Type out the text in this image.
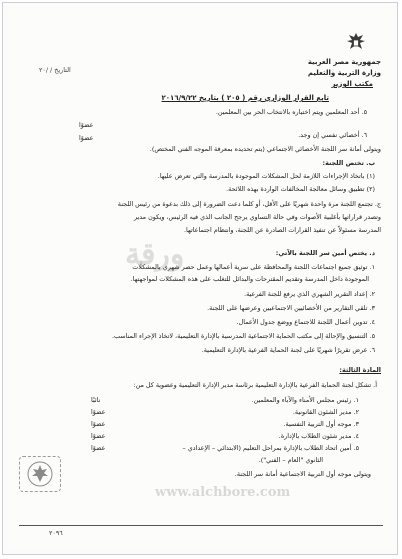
جمهورية مصر العربية
وزارة التربية والتعليم
مكتب الوزير
التاريخ / /٢٠
تابع القرار الوزاري رقم ( ٢٠٥ ) بتاريخ ٢٠١٦/٩/٢٢
٥. أحد المعلمين ويتم اختياره بالانتخاب الحر بين المعلمين.
عضوًا
٦. أخصائي نفسي إن وجد.
عضوًا
ويتولى أمانة سر اللجنة الأخصائي الاجتماعي (يتم تحديده بمعرفة الموجه الفني المختص).
ب. تختص اللجنة:
(١) باتخاذ الإجراءات اللازمة لحل المشكلات الموجودة بالمدرسة والتي تعرض عليها.
(٢) تطبيق وسائل معالجة المخالفات الواردة بهذه اللائحة.
ج. تجتمع اللجنة مرة واحدة شهريًا على الأقل، أو كلما دعت الضرورة إلى ذلك بدعوة من رئيس اللجنة
وتصدر قراراتها بأغلبية الأصوات وفي حالة التساوي يرجح الجانب الذي فيه الرئيس، ويكون مدير
المدرسة مسئولاً عن تنفيذ القرارات الصادرة عن اللجنة، وانتظام اجتماعاتها.
ورقة	د. يختص أمين سر اللجنة بالآتي:
١. توثيق جميع اجتماعات اللجنة والمحافظة على سرية أعمالها وعمل حصر شهري بالمشكلات
الموجودة داخل المدرسة وتقديم المقترحات والبدائل للتغلب على هذه المشكلات لمواجهتها.
٢. إعداد التقرير الشهري الذي يرفع للجنة الفرعية.
٣. تلقي التقارير من الأخصائيين الاجتماعيين وعرضها على اللجنة.
٤. تدوين أعمال اللجنة للاجتماع ووضع جدول الأعمال.
٥. التنسيق والإحالة إلى مكتب الحماية الاجتماعية المدرسية بالإدارة التعليمية، لاتخاذ الإجراء المناسب.
٦. عرض تقريرًا شهريًا على لجنة الحماية الفرعية بالإدارة التعليمية.
المادة الثالثة:
أ. تشكل لجنة الحماية الفرعية بالإدارة التعليمية برئاسة مدير الإدارة التعليمية وعضوية كل من:
١. رئيس مجلس الأمناء والآباء والمعلمين.
نائبًا
٢. مدير الشئون القانونية.
عضوًا
٣. موجه أول التربية النفسية.
عضوًا
٤. مدير شئون الطلاب بالإدارة.
عضوًا
٥. أمين اتحاد الطلاب بالإدارة بمراحل التعليم (الابتدائي – الإعدادي –
عضوًا
الثانوي "العام – الفني").
ويتولى موجه أول التربية الاجتماعية أمانة سر اللجنة.
www.alchbore.com
٢٠٩٦
